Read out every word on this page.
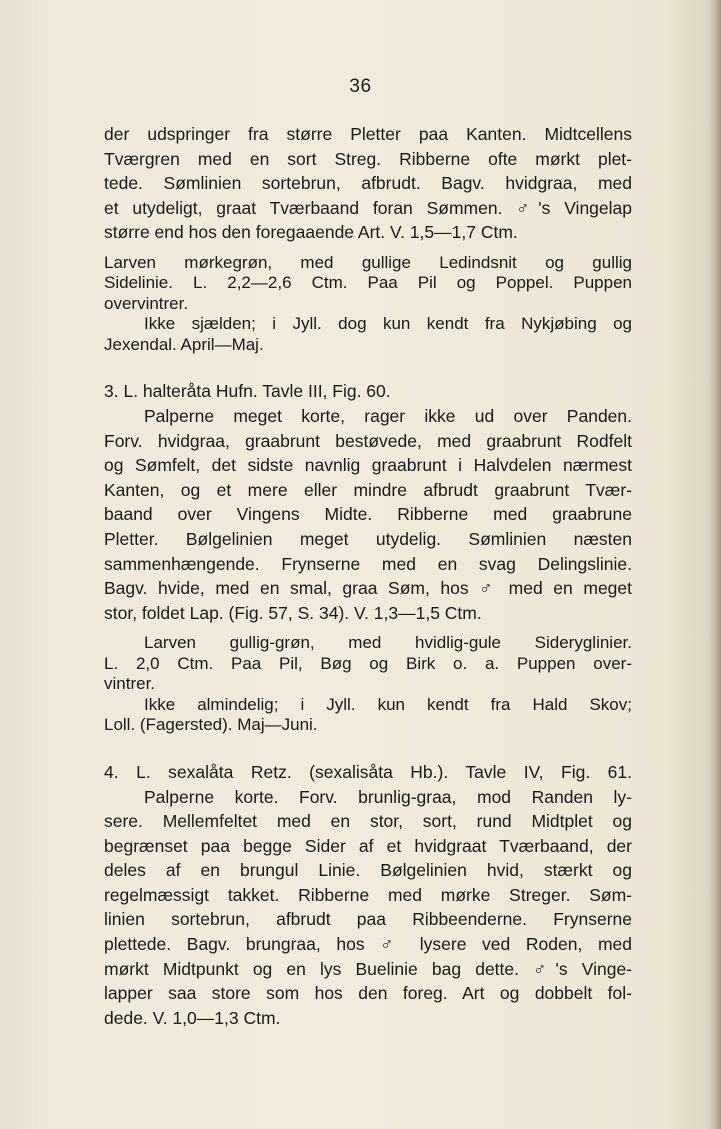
36
der udspringer fra større Pletter paa Kanten. Midtcellens
Tværgren med en sort Streg. Ribberne ofte mørkt plet-
tede. Sømlinien sortebrun, afbrudt. Bagv. hvidgraa, med
et utydeligt, graat Tværbaand foran Sømmen. ♂'s Vingelap
større end hos den foregaaende Art. V. 1,5—1,7 Ctm.
Larven mørkegrøn, med gullige Ledindsnit og gullig
Sidelinie. L. 2,2—2,6 Ctm. Paa Pil og Poppel. Puppen
overvintrer.
Ikke sjælden; i Jyll. dog kun kendt fra Nykjøbing og
Jexendal. April—Maj.
3. L. halteråta Hufn. Tavle III, Fig. 60.
Palperne meget korte, rager ikke ud over Panden.
Forv. hvidgraa, graabrunt bestøvede, med graabrunt Rodfelt
og Sømfelt, det sidste navnlig graabrunt i Halvdelen nærmest
Kanten, og et mere eller mindre afbrudt graabrunt Tvær-
baand over Vingens Midte. Ribberne med graabrune
Pletter. Bølgelinien meget utydelig. Sømlinien næsten
sammenhængende. Frynserne med en svag Delingslinie.
Bagv. hvide, med en smal, graa Søm, hos ♂ med en meget
stor, foldet Lap. (Fig. 57, S. 34). V. 1,3—1,5 Ctm.
Larven gullig-grøn, med hvidlig-gule Sideryglinier.
L. 2,0 Ctm. Paa Pil, Bøg og Birk o. a. Puppen over-
vintrer.
Ikke almindelig; i Jyll. kun kendt fra Hald Skov;
Loll. (Fagersted). Maj—Juni.
4. L. sexalåta Retz. (sexalisåta Hb.). Tavle IV, Fig. 61.
Palperne korte. Forv. brunlig-graa, mod Randen ly-
sere. Mellemfeltet med en stor, sort, rund Midtplet og
begrænset paa begge Sider af et hvidgraat Tværbaand, der
deles af en brungul Linie. Bølgelinien hvid, stærkt og
regelmæssigt takket. Ribberne med mørke Streger. Søm-
linien sortebrun, afbrudt paa Ribbeenderne. Frynserne
plettede. Bagv. brungraa, hos ♂ lysere ved Roden, med
mørkt Midtpunkt og en lys Buelinie bag dette. ♂'s Vinge-
lapper saa store som hos den foreg. Art og dobbelt fol-
dede. V. 1,0—1,3 Ctm.
